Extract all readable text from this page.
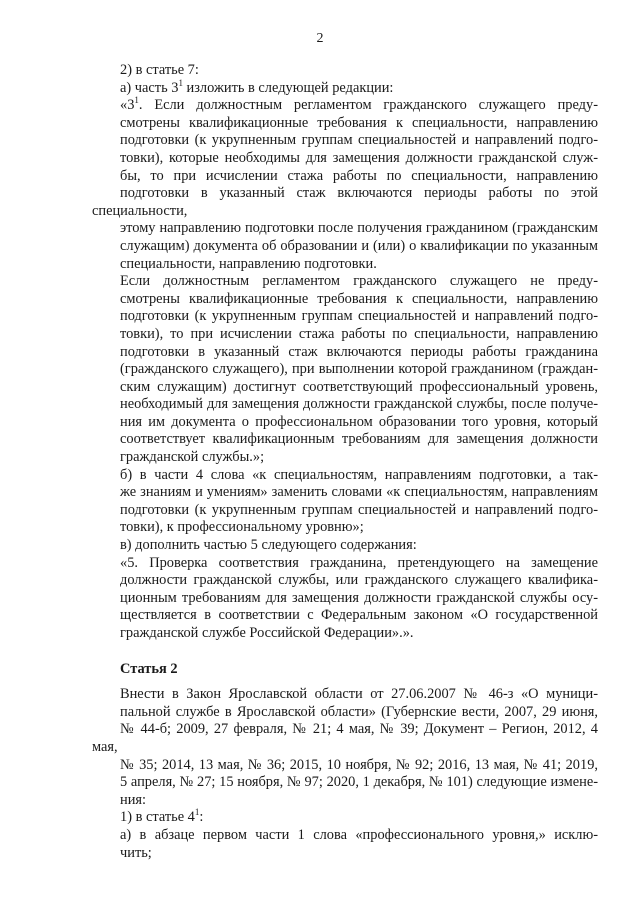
2

2) в статье 7:

а) часть $3^1$ изложить в следующей редакции:

«$3^1$. Если должностным регламентом гражданского служащего преду-

смотрены квалификационные требования к специальности, направлению

подготовки (к укрупненным группам специальностей и направлений подго-

товки), которые необходимы для замещения должности гражданской служ-

бы, то при исчислении стажа работы по специальности, направлению

подготовки в указанный стаж включаются периоды работы по этой специальности,

этому направлению подготовки после получения гражданином (гражданским

служащим) документа об образовании и (или) о квалификации по указанным

специальности, направлению подготовки.

Если должностным регламентом гражданского служащего не преду-

смотрены квалификационные требования к специальности, направлению

подготовки (к укрупненным группам специальностей и направлений подго-

товки), то при исчислении стажа работы по специальности, направлению

подготовки в указанный стаж включаются периоды работы гражданина

(гражданского служащего), при выполнении которой гражданином (граждан-

ским служащим) достигнут соответствующий профессиональный уровень,

необходимый для замещения должности гражданской службы, после получе-

ния им документа о профессиональном образовании того уровня, который

соответствует квалификационным требованиям для замещения должности

гражданской службы.»;

б) в части 4 слова «к специальностям, направлениям подготовки, а так-

же знаниям и умениям» заменить словами «к специальностям, направлениям

подготовки (к укрупненным группам специальностей и направлений подго-

товки), к профессиональному уровню»;

в) дополнить частью 5 следующего содержания:

«5. Проверка соответствия гражданина, претендующего на замещение

должности гражданской службы, или гражданского служащего квалифика-

ционным требованиям для замещения должности гражданской службы осу-

ществляется в соответствии с Федеральным законом «О государственной

гражданской службе Российской Федерации».».

Статья 2

Внести в Закон Ярославской области от 27.06.2007 № 46-з «О муници-

пальной службе в Ярославской области» (Губернские вести, 2007, 29 июня,

№ 44-б; 2009, 27 февраля, № 21; 4 мая, № 39; Документ – Регион, 2012, 4 мая,

№ 35; 2014, 13 мая, № 36; 2015, 10 ноября, № 92; 2016, 13 мая, № 41; 2019,

5 апреля, № 27; 15 ноября, № 97; 2020, 1 декабря, № 101) следующие измене-

ния:

1) в статье $4^1$:

а) в абзаце первом части 1 слова «профессионального уровня,» исклю-

чить;
